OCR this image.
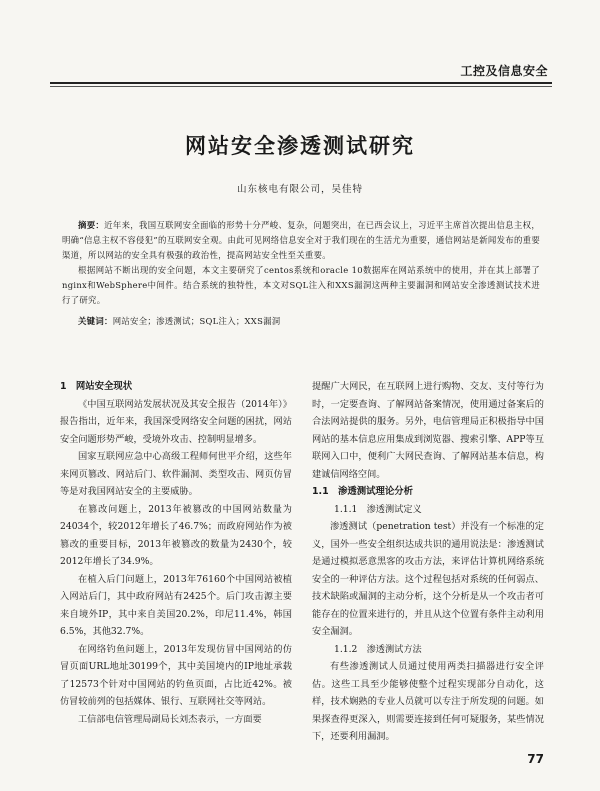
工控及信息安全
网站安全渗透测试研究
山东核电有限公司，吴佳特

摘要：近年来，我国互联网安全面临的形势十分严峻、复杂，问题突出，在已西会议上，习近平主席首次提出信息主权，明确“信息主权不容侵犯”的互联网安全观。由此可见网络信息安全对于我们现在的生活尤为重要，通信网站是新闻发布的重要渠道，所以网站的安全具有极强的政治性，提高网站安全性至关重要。

根据网站不断出现的安全问题，本文主要研究了centos系统和oracle 10数据库在网站系统中的使用，并在其上部署了nginx和WebSphere中间件。结合系统的独特性，本文对SQL注入和XXS漏洞这两种主要漏洞和网站安全渗透测试技术进行了研究。

关键词：网站安全；渗透测试；SQL注入；XXS漏洞

1　网站安全现状

《中国互联网站发展状况及其安全报告（2014年）》报告指出，近年来，我国深受网络安全问题的困扰，网站安全问题形势严峻，受境外攻击、控制明显增多。

国家互联网应急中心高级工程师何世平介绍，这些年来网页篡改、网站后门、软件漏洞、类型攻击、网页仿冒等是对我国网站安全的主要威胁。

在篡改问题上，2013年被篡改的中国网站数量为24034个，较2012年增长了46.7%；而政府网站作为被篡改的重要目标，2013年被篡改的数量为2430个，较2012年增长了34.9%。

在植入后门问题上，2013年76160个中国网站被植入网站后门，其中政府网站有2425个。后门攻击源主要来自境外IP，其中来自美国20.2%，印尼11.4%，韩国6.5%，其他32.7%。

在网络钓鱼问题上，2013年发现仿冒中国网站的仿冒页面URL地址30199个，其中美国境内的IP地址承载了12573个针对中国网站的钓鱼页面，占比近42%。被仿冒较前列的包括媒体、银行、互联网社交等网站。

工信部电信管理局副局长刘杰表示，一方面要

提醒广大网民，在互联网上进行购物、交友、支付等行为时，一定要查询、了解网站备案情况，使用通过备案后的合法网站提供的服务。另外，电信管理局正积极指导中国网站的基本信息应用集成到浏览器、搜索引擎、APP等互联网入口中，便利广大网民查询、了解网站基本信息，构建诚信网络空间。

1.1　渗透测试理论分析

1.1.1　渗透测试定义

渗透测试（penetration test）并没有一个标准的定义，国外一些安全组织达成共识的通用说法是：渗透测试是通过模拟恶意黑客的攻击方法，来评估计算机网络系统安全的一种评估方法。这个过程包括对系统的任何弱点、技术缺陷或漏洞的主动分析，这个分析是从一个攻击者可能存在的位置来进行的，并且从这个位置有条件主动利用安全漏洞。

1.1.2　渗透测试方法

有些渗透测试人员通过使用两类扫描器进行安全评估。这些工具至少能够使整个过程实现部分自动化，这样，技术娴熟的专业人员就可以专注于所发现的问题。如果探查得更深入，则需要连接到任何可疑服务，某些情况下，还要利用漏洞。

77
